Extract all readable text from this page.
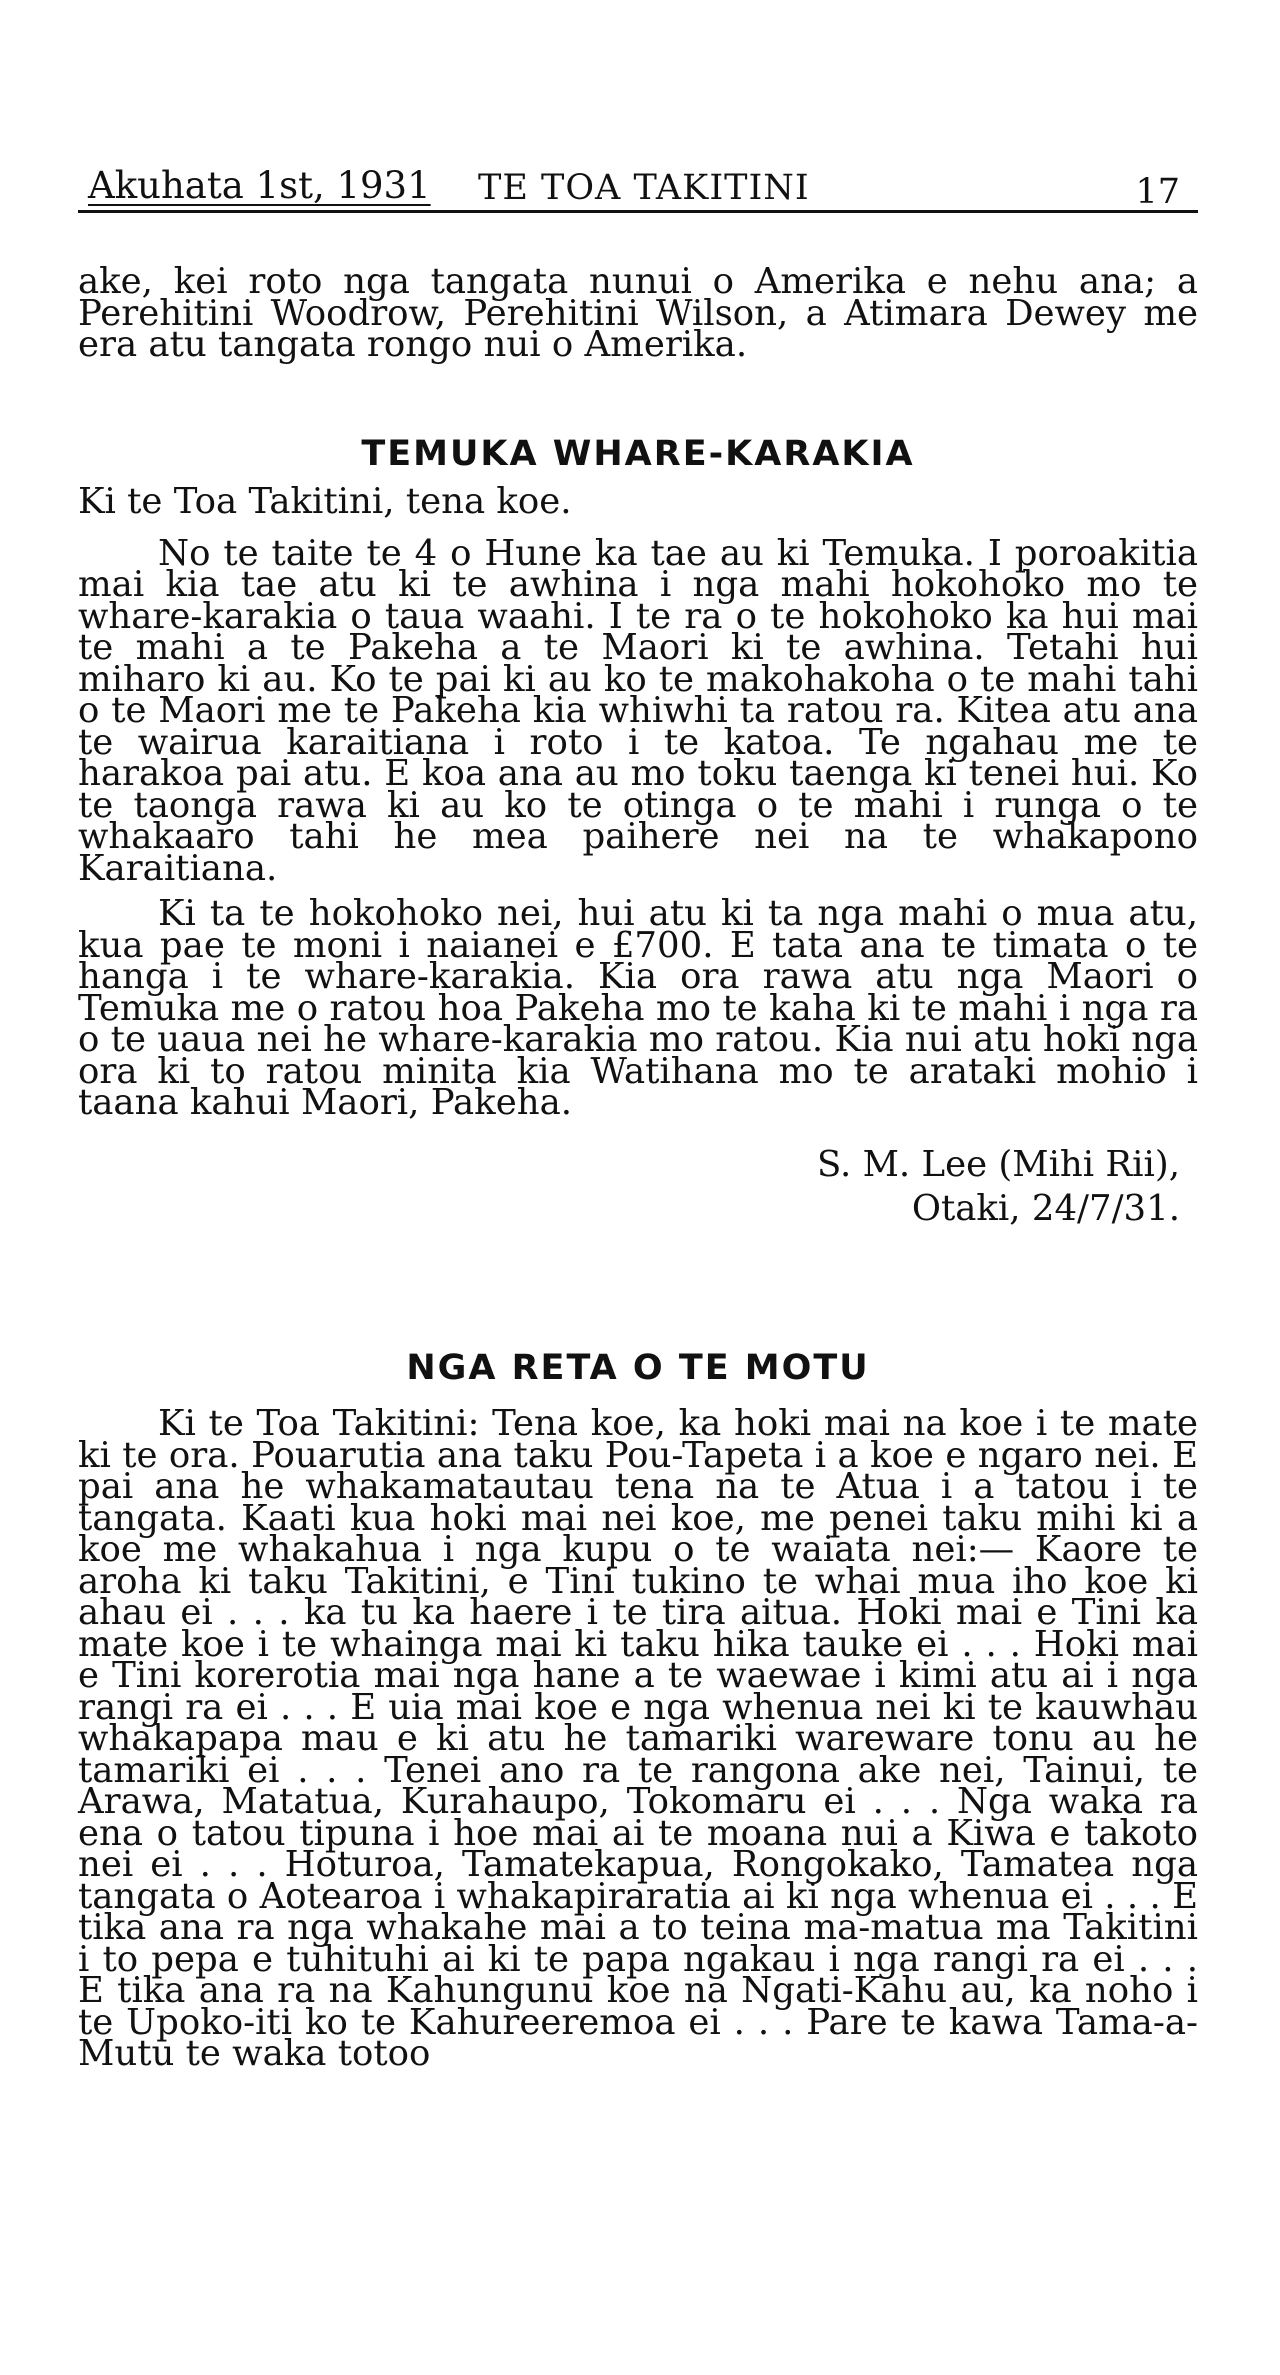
Akuhata 1st, 1931 TE TOA TAKITINI	17

ake, kei roto nga tangata nunui o Amerika e nehu ana; a Perehitini Woodrow, Perehitini Wilson, a Atimara Dewey me era atu tangata rongo nui o Amerika.

TEMUKA WHARE-KARAKIA

Ki te Toa Takitini, tena koe.

No te taite te 4 o Hune ka tae au ki Temuka. I poroakitia mai kia tae atu ki te awhina i nga mahi hokohoko mo te whare-karakia o taua waahi. I te ra o te hokohoko ka hui mai te mahi a te Pakeha a te Maori ki te awhina. Tetahi hui miharo ki au. Ko te pai ki au ko te makohakoha o te mahi tahi o te Maori me te Pakeha kia whiwhi ta ratou ra. Kitea atu ana te wairua karaitiana i roto i te katoa. Te ngahau me te harakoa pai atu. E koa ana au mo toku taenga ki tenei hui. Ko te taonga rawa ki au ko te otinga o te mahi i runga o te whakaaro tahi he mea paihere nei na te whakapono Karaitiana.

Ki ta te hokohoko nei, hui atu ki ta nga mahi o mua atu, kua pae te moni i naianei e £700. E tata ana te timata o te hanga i te whare-karakia. Kia ora rawa atu nga Maori o Temuka me o ratou hoa Pakeha mo te kaha ki te mahi i nga ra o te uaua nei he whare-karakia mo ratou. Kia nui atu hoki nga ora ki to ratou minita kia Watihana mo te arataki mohio i taana kahui Maori, Pakeha.

S. M. Lee (Mihi Rii),

Otaki, 24/7/31.

NGA RETA O TE MOTU

Ki te Toa Takitini: Tena koe, ka hoki mai na koe i te mate ki te ora. Pouarutia ana taku Pou-Tapeta i a koe e ngaro nei. E pai ana he whakamatautau tena na te Atua i a tatou i te tangata. Kaati kua hoki mai nei koe, me penei taku mihi ki a koe me whakahua i nga kupu o te waiata nei:— Kaore te aroha ki taku Takitini, e Tini tukino te whai mua iho koe ki ahau ei . . . ka tu ka haere i te tira aitua. Hoki mai e Tini ka mate koe i te whainga mai ki taku hika tauke ei . . . Hoki mai e Tini korerotia mai nga hane a te waewae i kimi atu ai i nga rangi ra ei . . . E uia mai koe e nga whenua nei ki te kauwhau whakapapa mau e ki atu he tamariki wareware tonu au he tamariki ei . . . Tenei ano ra te rangona ake nei, Tainui, te Arawa, Matatua, Kurahaupo, Tokomaru ei . . . Nga waka ra ena o tatou tipuna i hoe mai ai te moana nui a Kiwa e takoto nei ei . . . Hoturoa, Tamatekapua, Rongokako, Tamatea nga tangata o Aotearoa i whakapiraratia ai ki nga whenua ei . . . E tika ana ra nga whakahe mai a to teina ma-matua ma Takitini i to pepa e tuhituhi ai ki te papa ngakau i nga rangi ra ei . . . E tika ana ra na Kahungunu koe na Ngati-Kahu au, ka noho i te Upoko-iti ko te Kahureeremoa ei . . . Pare te kawa Tama-a-Mutu te waka totoo
